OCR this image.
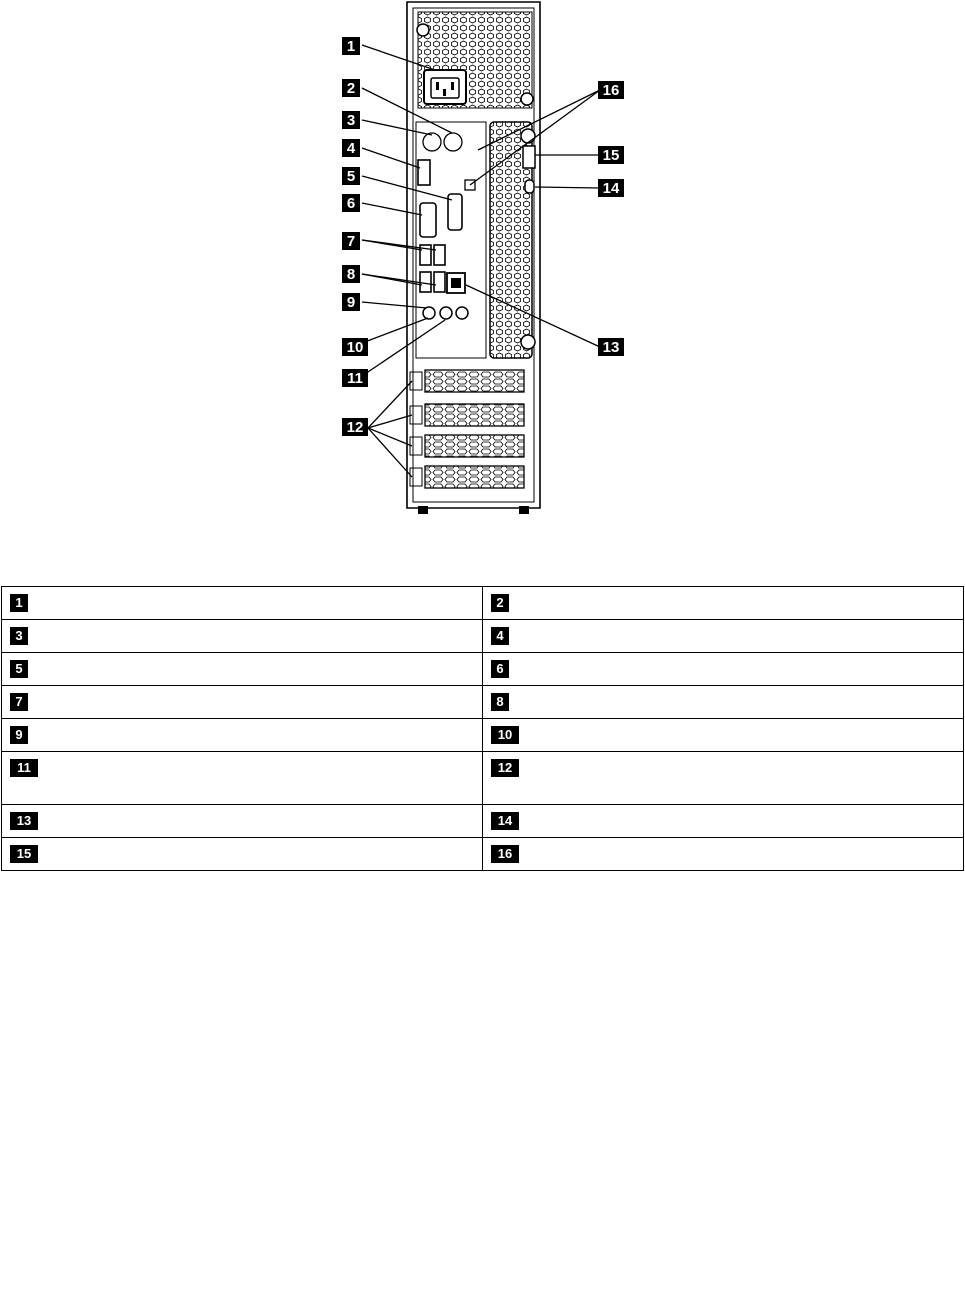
1
2
3
4
5
6
7
8
9
10
11
12
13
14
15
16
1	2
3	4
5	6
7	8
9	10
11	12
13	14
15	16
